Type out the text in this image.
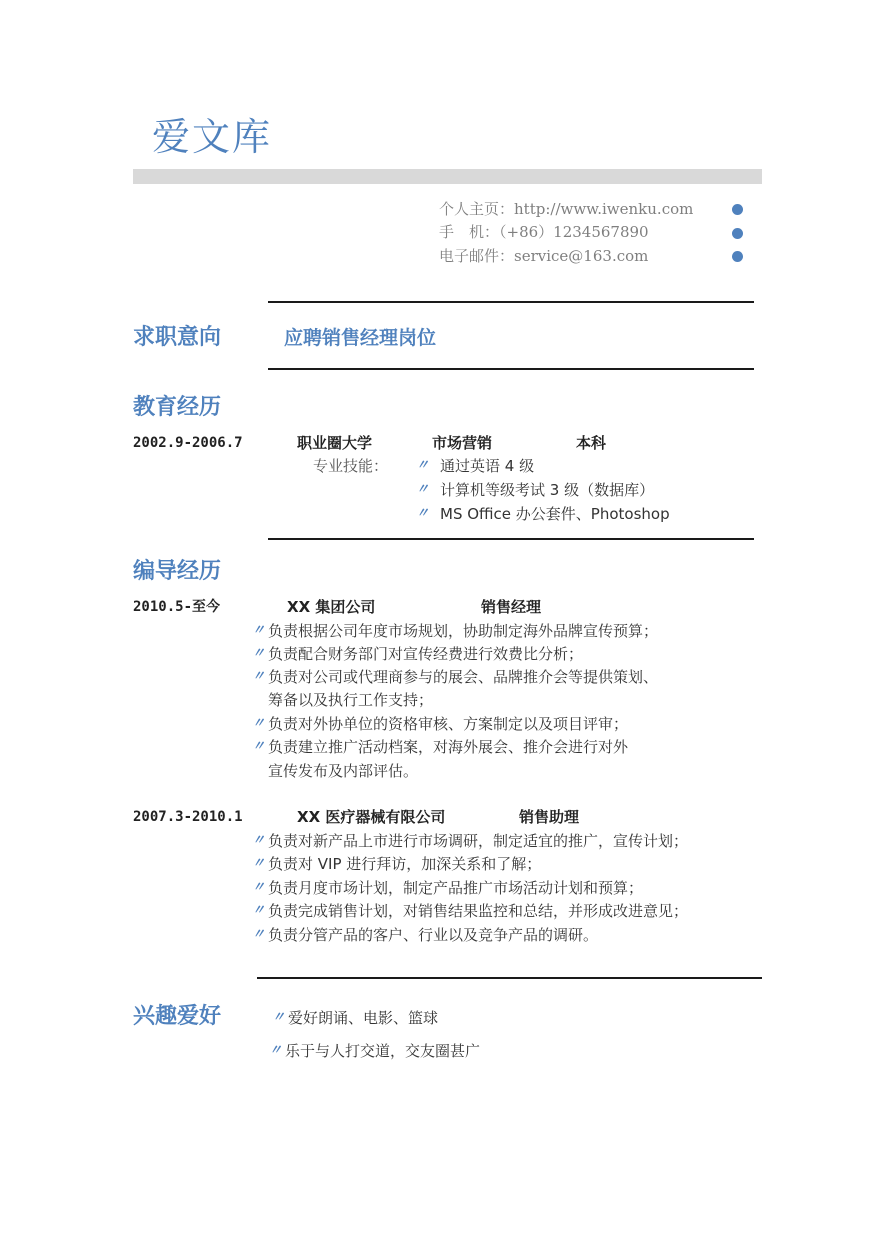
爱文库
个人主页：http://www.iwenku.com
手　机：（+86）1234567890
电子邮件：service@163.com
求职意向	应聘销售经理岗位
教育经历
2002.9-2006.7	职业圈大学	市场营销	本科
专业技能： 〃 通过英语 4 级
〃 计算机等级考试 3 级（数据库）
〃 MS Office 办公套件、Photoshop
编导经历
2010.5-至今	XX 集团公司	销售经理
〃 负责根据公司年度市场规划，协助制定海外品牌宣传预算；
〃 负责配合财务部门对宣传经费进行效费比分析；
〃 负责对公司或代理商参与的展会、品牌推介会等提供策划、
筹备以及执行工作支持；
〃 负责对外协单位的资格审核、方案制定以及项目评审；
〃 负责建立推广活动档案，对海外展会、推介会进行对外
宣传发布及内部评估。
2007.3-2010.1	XX 医疗器械有限公司	销售助理
〃 负责对新产品上市进行市场调研，制定适宜的推广，宣传计划；
〃 负责对 VIP 进行拜访，加深关系和了解；
〃 负责月度市场计划，制定产品推广市场活动计划和预算；
〃 负责完成销售计划，对销售结果监控和总结，并形成改进意见；
〃 负责分管产品的客户、行业以及竞争产品的调研。
兴趣爱好	〃 爱好朗诵、电影、篮球
〃 乐于与人打交道，交友圈甚广
